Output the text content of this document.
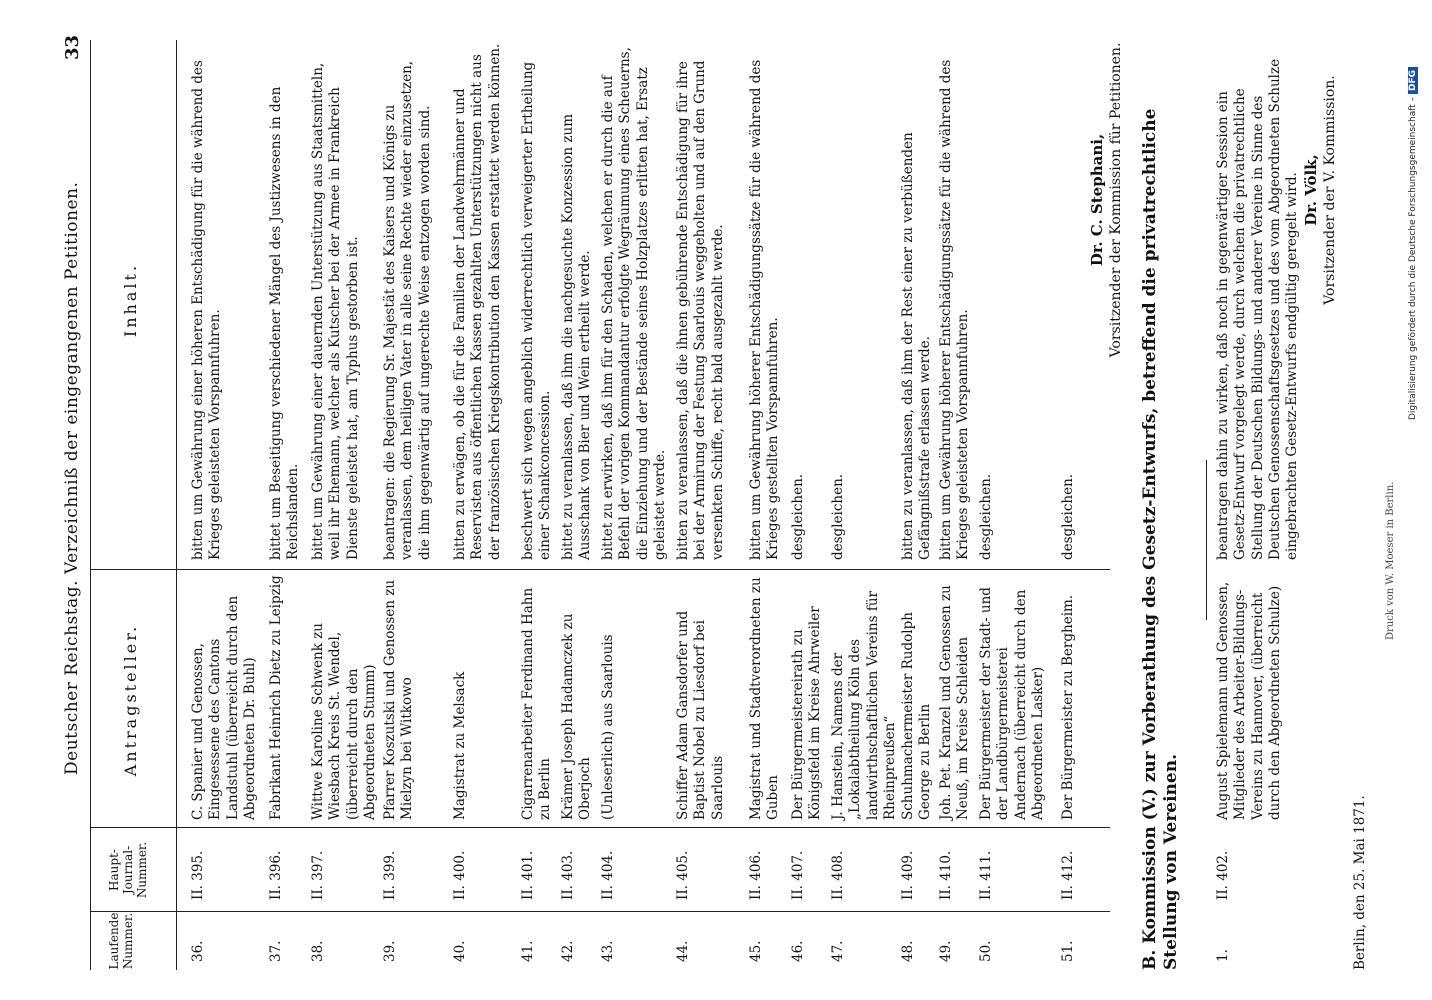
Deutscher Reichstag. Verzeichniß der eingegangenen Petitionen.
33
Laufende Nummer.
Haupt-Journal-Nummer.
Antragsteller.
Inhalt.
36.
II. 395.
C. Spanier und Genossen, Eingesessene des Cantons Landstuhl (überreicht durch den Abgeordneten Dr. Buhl)
bitten um Gewährung einer höheren Entschädigung für die während des Krieges geleisteten Vorspannfuhren.
37.
II. 396.
Fabrikant Heinrich Dietz zu Leipzig
bittet um Beseitigung verschiedener Mängel des Justizwesens in den Reichslanden.
38.
II. 397.
Wittwe Karoline Schwenk zu Wiesbach Kreis St. Wendel, (überreicht durch den Abgeordneten Stumm)
bittet um Gewährung einer dauernden Unterstützung aus Staatsmitteln, weil ihr Ehemann, welcher als Kutscher bei der Armee in Frankreich Dienste geleistet hat, am Typhus gestorben ist.
39.
II. 399.
Pfarrer Koszutski und Genossen zu Mielzyn bei Witkowo
beantragen: die Regierung Sr. Majestät des Kaisers und Königs zu veranlassen, dem heiligen Vater in alle seine Rechte wieder einzusetzen, die ihm gegenwärtig auf ungerechte Weise entzogen worden sind.
40.
II. 400.
Magistrat zu Melsack
bitten zu erwägen, ob die für die Familien der Landwehrmänner und Reservisten aus öffentlichen Kassen gezahlten Unterstützungen nicht aus der französischen Kriegskontribution den Kassen erstattet werden können.
41.
II. 401.
Cigarrenarbeiter Ferdinand Hahn zu Berlin
beschwert sich wegen angeblich widerrechtlich verweigerter Ertheilung einer Schankconcession.
42.
II. 403.
Krämer Joseph Hadamczek zu Oberjoch
bittet zu veranlassen, daß ihm die nachgesuchte Konzession zum Ausschank von Bier und Wein ertheilt werde.
43.
II. 404.
(Unleserlich) aus Saarlouis
bittet zu erwirken, daß ihm für den Schaden, welchen er durch die auf Befehl der vorigen Kommandantur erfolgte Wegräumung eines Scheuerns, die Einziehung und der Bestände seines Holzplatzes erlitten hat, Ersatz geleistet werde.
44.
II. 405.
Schiffer Adam Gansdorfer und Baptist Nobel zu Liesdorf bei Saarlouis
bitten zu veranlassen, daß die ihnen gebührende Entschädigung für ihre bei der Armirung der Festung Saarlouis weggeholten und auf den Grund versenkten Schiffe, recht bald ausgezahlt werde.
45.
II. 406.
Magistrat und Stadtverordneten zu Guben
bitten um Gewährung höherer Entschädigungssätze für die während des Krieges gestellten Vorspannfuhren.
46.
II. 407.
Der Bürgermeistereirath zu Königsfeld im Kreise Ahrweiler
desgleichen.
47.
II. 408.
J. Hanstein, Namens der „Lokalabtheilung Köln des landwirthschaftlichen Vereins für Rheinpreußen“
desgleichen.
48.
II. 409.
Schuhmachermeister Rudolph George zu Berlin
bitten zu veranlassen, daß ihm der Rest einer zu verbüßenden Gefängnißstrafe erlassen werde.
49.
II. 410.
Joh. Pet. Kranzel und Genossen zu Neuß, im Kreise Schleiden
bitten um Gewährung höherer Entschädigungssätze für die während des Krieges geleisteten Vorspannfuhren.
50.
II. 411.
Der Bürgermeister der Stadt- und der Landbürgermeisterei Andernach (überreicht durch den Abgeordneten Lasker)
desgleichen.
51.
II. 412.
Der Bürgermeister zu Bergheim.
desgleichen.
Dr. C. Stephani, Vorsitzender der Kommission für Petitionen. B. Kommission (V.) zur Vorberathung des Gesetz-Entwurfs, betreffend die privatrechtliche Stellung von Vereinen.	1.
II. 402.
August Spielemann und Genossen, Mitglieder des Arbeiter-Bildungs-Vereins zu Hannover, (überreicht durch den Abgeordneten Schulze)
beantragen dahin zu wirken, daß noch in gegenwärtiger Session ein Gesetz-Entwurf vorgelegt werde, durch welchen die privatrechtliche Stellung der Deutschen Bildungs- und anderer Vereine in Sinne des Deutschen Genossenschaftsgesetzes und des vom Abgeordneten Schulze eingebrachten Gesetz-Entwurfs endgültig geregelt wird. Dr. Völk, Vorsitzender der V. Kommission.
Berlin, den 25. Mai 1871.
Druck von W. Moeser in Berlin.
Digitalisierung gefördert durch die Deutsche Forschungsgemeinschaft – DFG
